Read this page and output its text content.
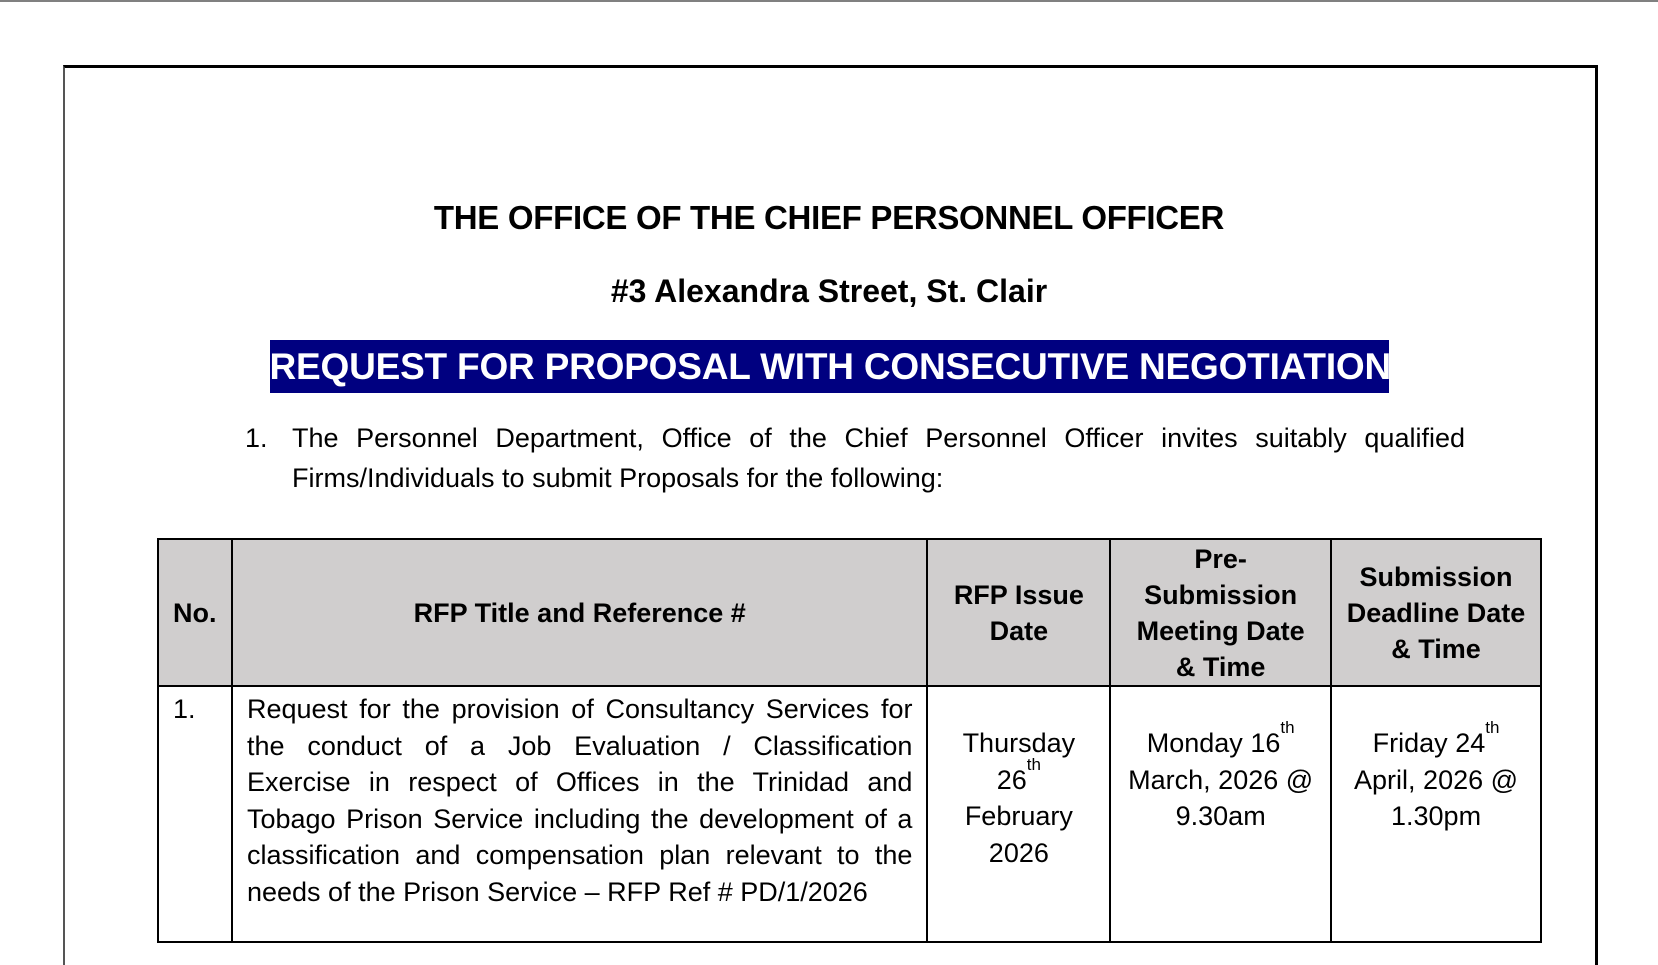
THE OFFICE OF THE CHIEF PERSONNEL OFFICER
#3 Alexandra Street, St. Clair
REQUEST FOR PROPOSAL WITH CONSECUTIVE NEGOTIATIONS
1. The Personnel Department, Office of the Chief Personnel Officer invites suitably qualified
Firms/Individuals to submit Proposals for the following:
No.	RFP Title and Reference #	
RFP Issue
Date

Pre-
Submission
Meeting Date
& Time

Submission
Deadline Date
& Time

1.	Request for the provision of Consultancy Services for the conduct of a Job Evaluation / Classification Exercise in respect of Offices in the Trinidad and Tobago Prison Service including the development of a classification and compensation plan relevant to the needs of the Prison Service – RFP Ref # PD/1/2026	
Thursday
26th
February
2026

Monday 16th
March, 2026 @
9.30am

Friday 24th
April, 2026 @
1.30pm
